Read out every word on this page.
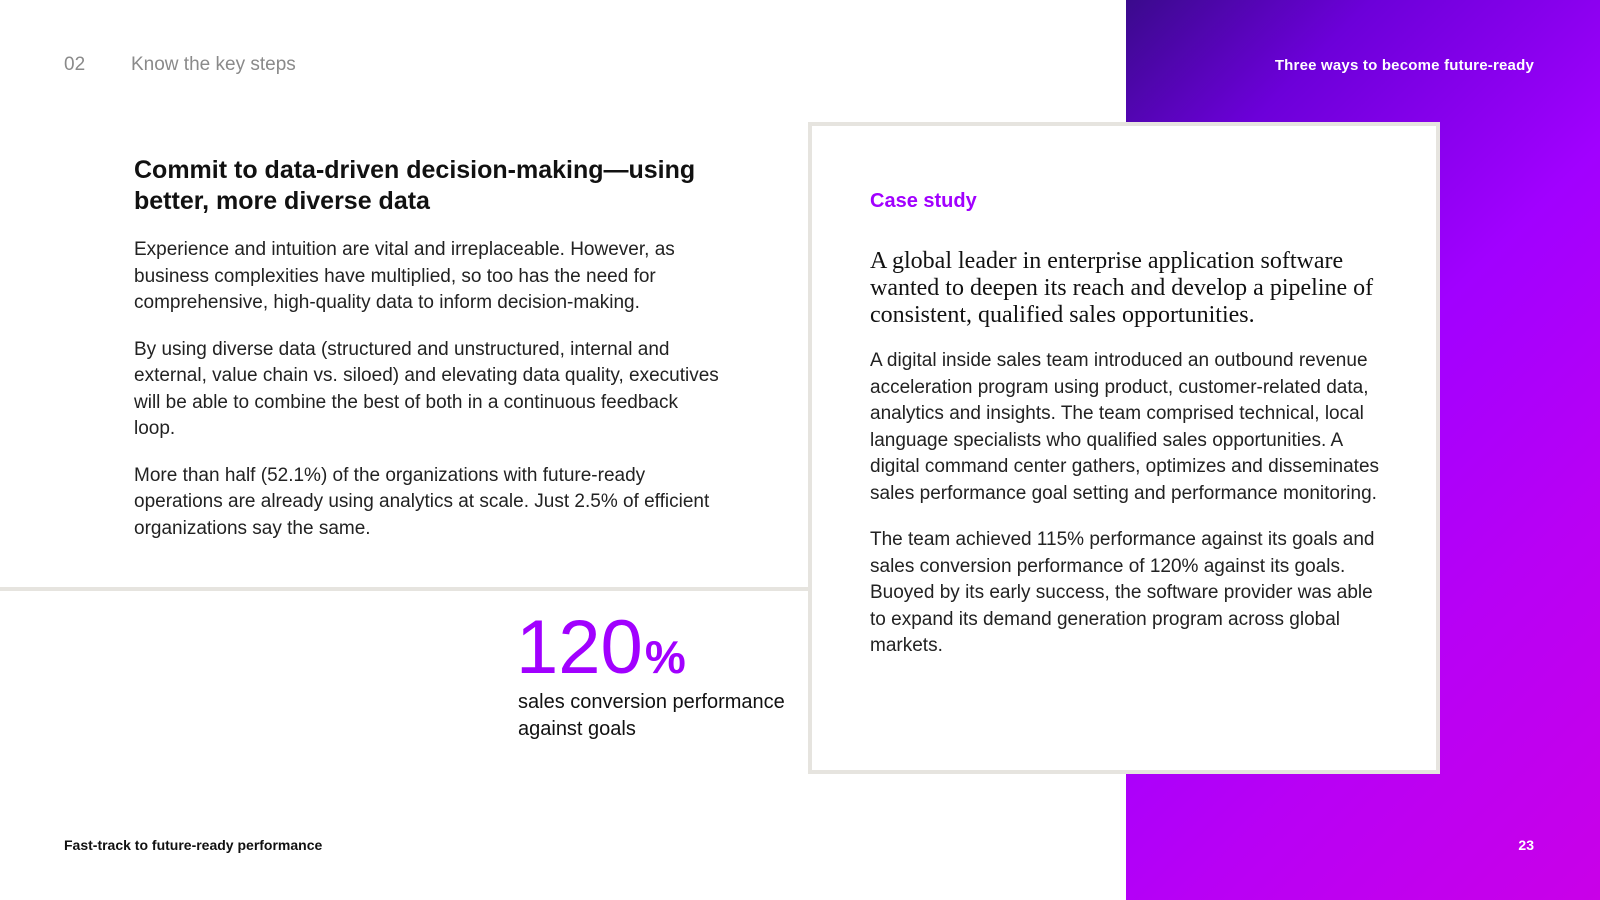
02 Know the key steps	Three ways to become future-ready
Commit to data-driven decision-making—using better, more diverse data

Experience and intuition are vital and irreplaceable. However, as business complexities have multiplied, so too has the need for comprehensive, high-quality data to inform decision-making.

By using diverse data (structured and unstructured, internal and external, value chain vs. siloed) and elevating data quality, executives will be able to combine the best of both in a continuous feedback loop.

More than half (52.1%) of the organizations with future-ready operations are already using analytics at scale. Just 2.5% of efficient organizations say the same.

120%
sales conversion performance against goals
Case study

A global leader in enterprise application software wanted to deepen its reach and develop a pipeline of consistent, qualified sales opportunities.

A digital inside sales team introduced an outbound revenue acceleration program using product, customer-related data, analytics and insights. The team comprised technical, local language specialists who qualified sales opportunities. A digital command center gathers, optimizes and disseminates sales performance goal setting and performance monitoring.

The team achieved 115% performance against its goals and sales conversion performance of 120% against its goals. Buoyed by its early success, the software provider was able to expand its demand generation program across global markets.

Fast-track to future-ready performance	23
